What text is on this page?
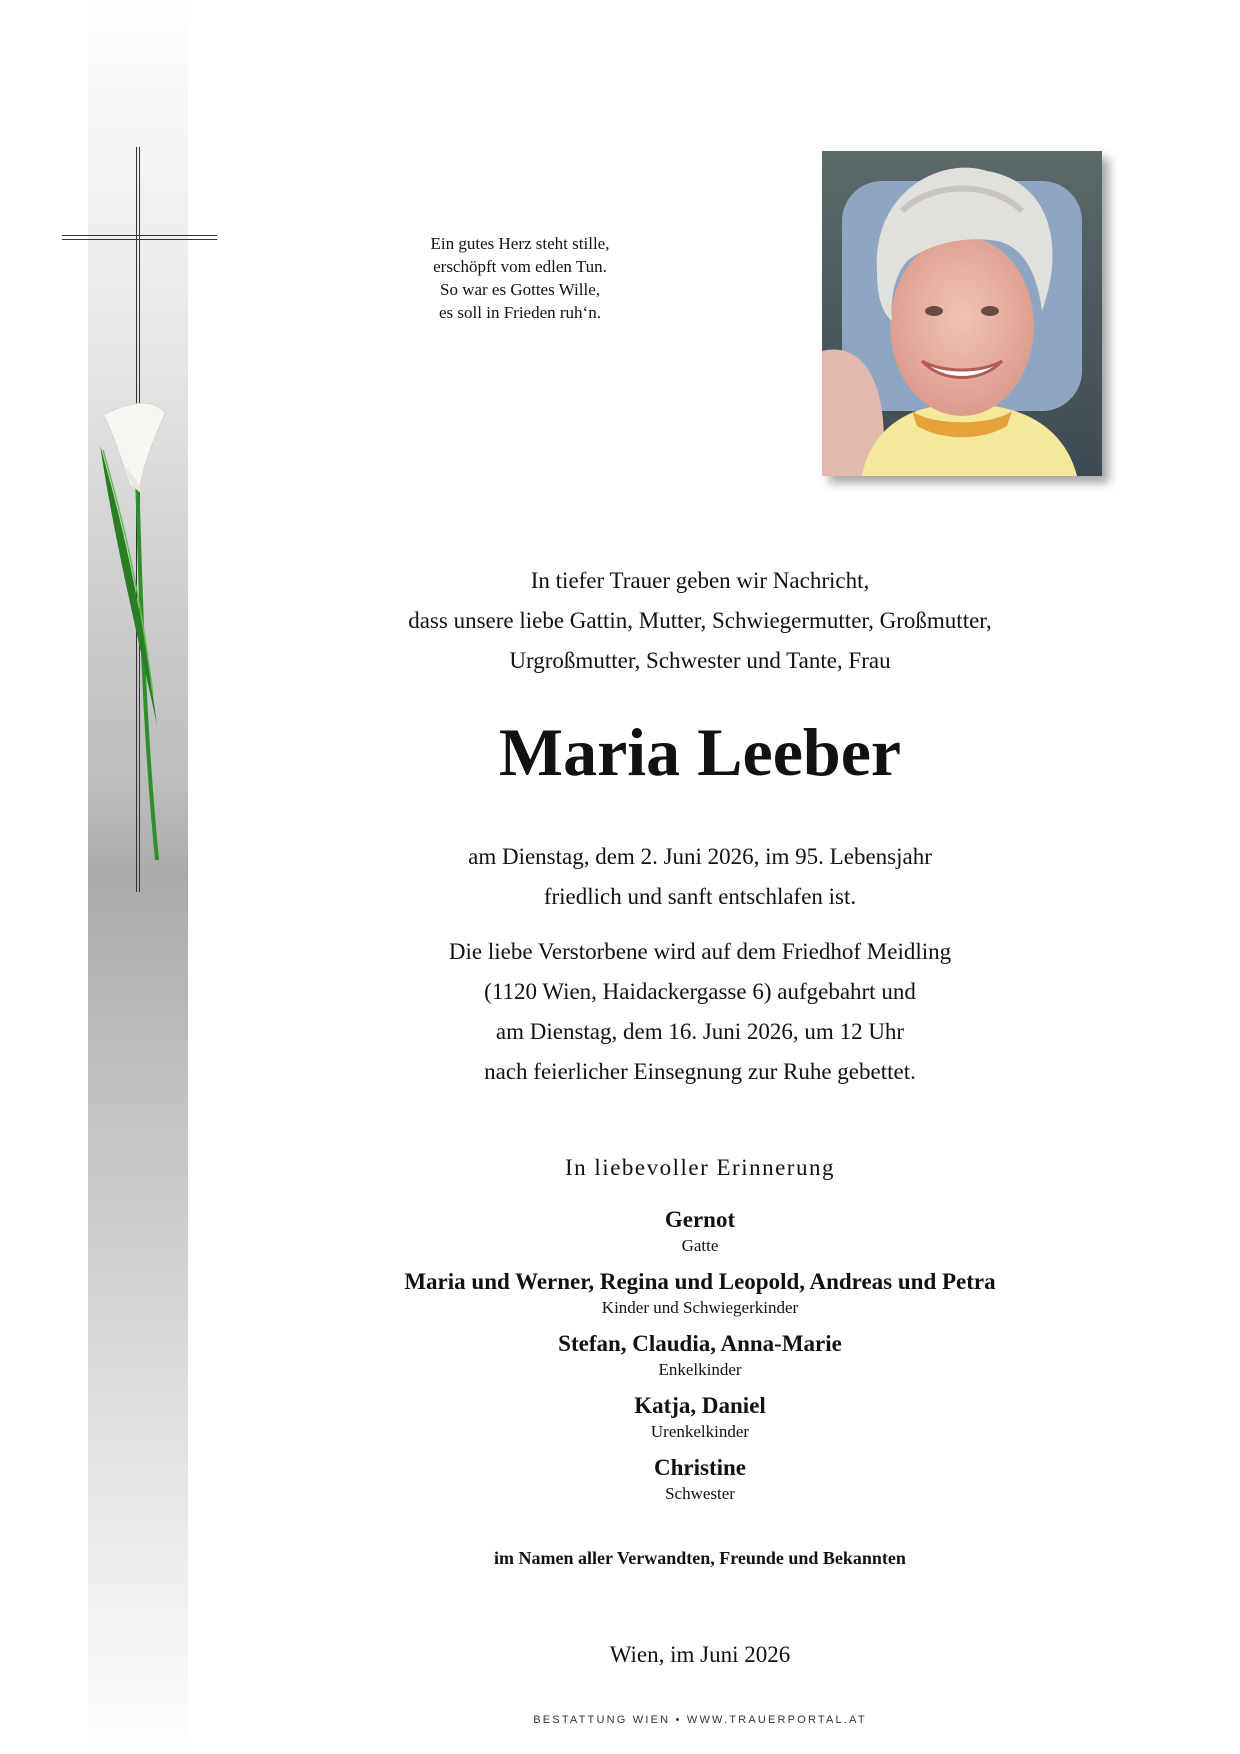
Ein gutes Herz steht stille,
erschöpft vom edlen Tun.
So war es Gottes Wille,
es soll in Frieden ruh‘n.
In tiefer Trauer geben wir Nachricht,
dass unsere liebe Gattin, Mutter, Schwiegermutter, Großmutter,
Urgroßmutter, Schwester und Tante, Frau
Maria Leeber
am Dienstag, dem 2. Juni 2026, im 95. Lebensjahr
friedlich und sanft entschlafen ist.
Die liebe Verstorbene wird auf dem Friedhof Meidling
(1120 Wien, Haidackergasse 6) aufgebahrt und
am Dienstag, dem 16. Juni 2026, um 12 Uhr
nach feierlicher Einsegnung zur Ruhe gebettet.
In liebevoller Erinnerung
Gernot
Gatte
Maria und Werner, Regina und Leopold, Andreas und Petra
Kinder und Schwiegerkinder
Stefan, Claudia, Anna-Marie
Enkelkinder
Katja, Daniel
Urenkelkinder
Christine
Schwester
im Namen aller Verwandten, Freunde und Bekannten
Wien, im Juni 2026
BESTATTUNG WIEN • WWW.TRAUERPORTAL.AT
